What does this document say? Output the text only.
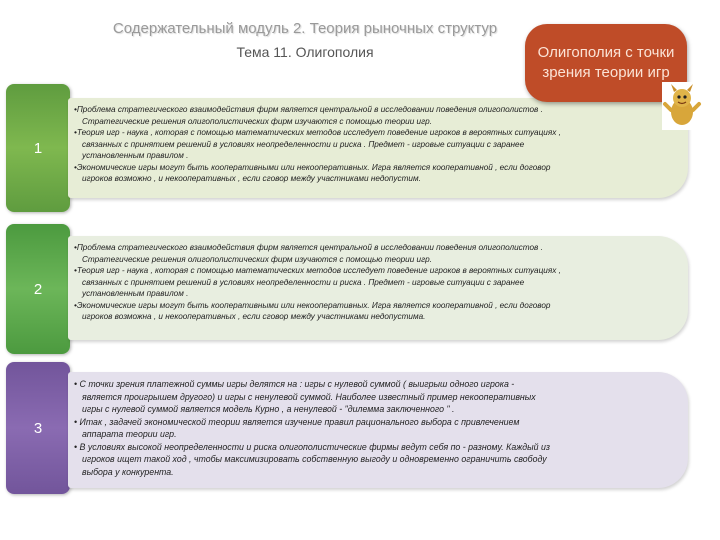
Содержательный модуль 2. Теория рыночных структур
Тема 11. Олигополия	Олигополия с точки зрения теории игр
1

•Проблема стратегического взаимодействия фирм является центральной в исследовании поведения олигополистов .

Стратегические решения олигополистических фирм изучаются с помощью теории игр.

•Теория игр - наука , которая с помощью математических методов исследует поведение игроков в вероятных ситуациях ,

связанных с принятием решений в условиях неопределенности и риска . Предмет - игровые ситуации с заранее

установленным правилом .

•Экономические игры могут быть кооперативными или некооперативных. Игра является кооперативной , если договор

игроков возможно , и некооперативных , если сговор между участниками недопустим.

2

•Проблема стратегического взаимодействия фирм является центральной в исследовании поведения олигополистов .

Стратегические решения олигополистических фирм изучаются с помощью теории игр.

•Теория игр - наука , которая с помощью математических методов исследует поведение игроков в вероятных ситуациях ,

связанных с принятием решений в условиях неопределенности и риска . Предмет - игровые ситуации с заранее

установленным правилом .

•Экономические игры могут быть кооперативными или некооперативных. Игра является кооперативной , если договор

игроков возможна , и некооперативных , если сговор между участниками недопустима.

3

• С точки зрения платежной суммы игры делятся на : игры с нулевой суммой ( выигрыш одного игрока -

является проигрышем другого) и игры с ненулевой суммой. Наиболее известный пример некооперативных

игры с нулевой суммой является модель Курно , а ненулевой - "дилемма заключенного " .

• Итак , задачей экономической теории является изучение правил рационального выбора с привлечением

аппарата теории игр.

• В условиях высокой неопределенности и риска олигополистические фирмы ведут себя по - разному. Каждый из

игроков ищет такой ход , чтобы максимизировать собственную выгоду и одновременно ограничить свободу

выбора у конкурента.
